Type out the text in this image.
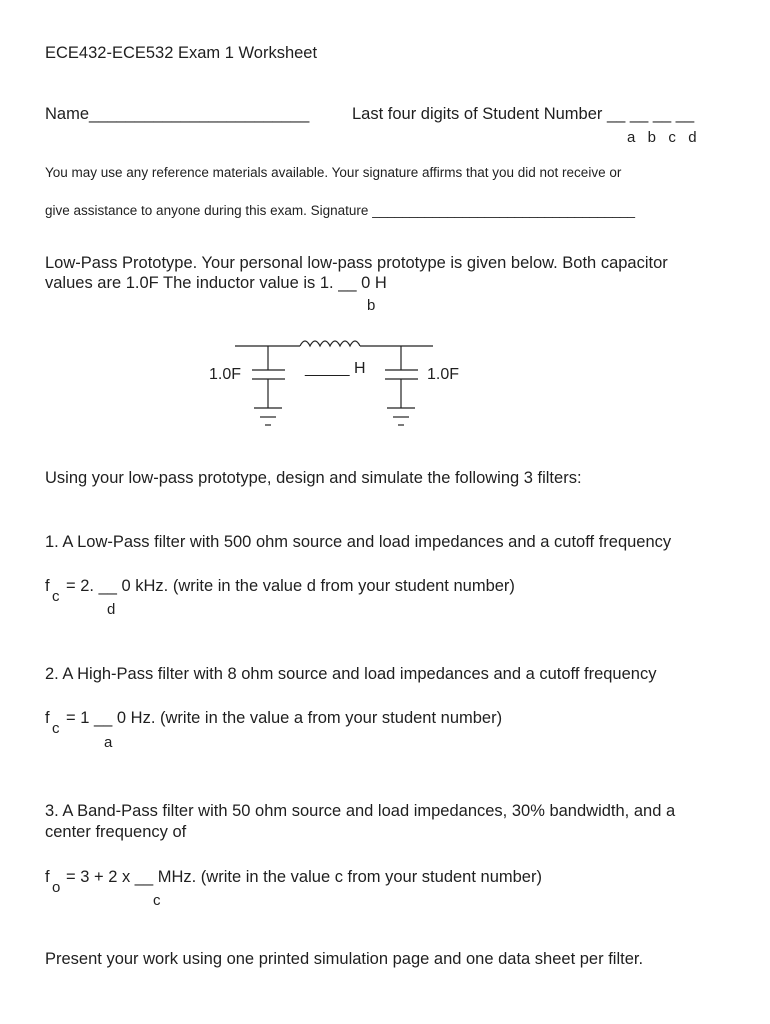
ECE432-ECE532 Exam 1 Worksheet
Name________________________	Last four digits of Student Number __ __ __ __
a  b  c  d
You may use any reference materials available. Your signature affirms that you did not receive or
give assistance to anyone during this exam. Signature ___________________________________
Low-Pass Prototype. Your personal low-pass prototype is given below. Both capacitor
values are 1.0F The inductor value is 1. __ 0 H
b
1.0F	_____ H	1.0F
Using your low-pass prototype, design and simulate the following 3 filters:
1. A Low-Pass filter with 500 ohm source and load impedances and a cutoff frequency
f
c
= 2. __ 0 kHz. (write in the value d from your student number)
d
2. A High-Pass filter with 8 ohm source and load impedances and a cutoff frequency
f
c
= 1 __ 0 Hz. (write in the value a from your student number)
a
3. A Band-Pass filter with 50 ohm source and load impedances, 30% bandwidth, and a
center frequency of
f
o
= 3 + 2 x __ MHz. (write in the value c from your student number)
c
Present your work using one printed simulation page and one data sheet per filter.
